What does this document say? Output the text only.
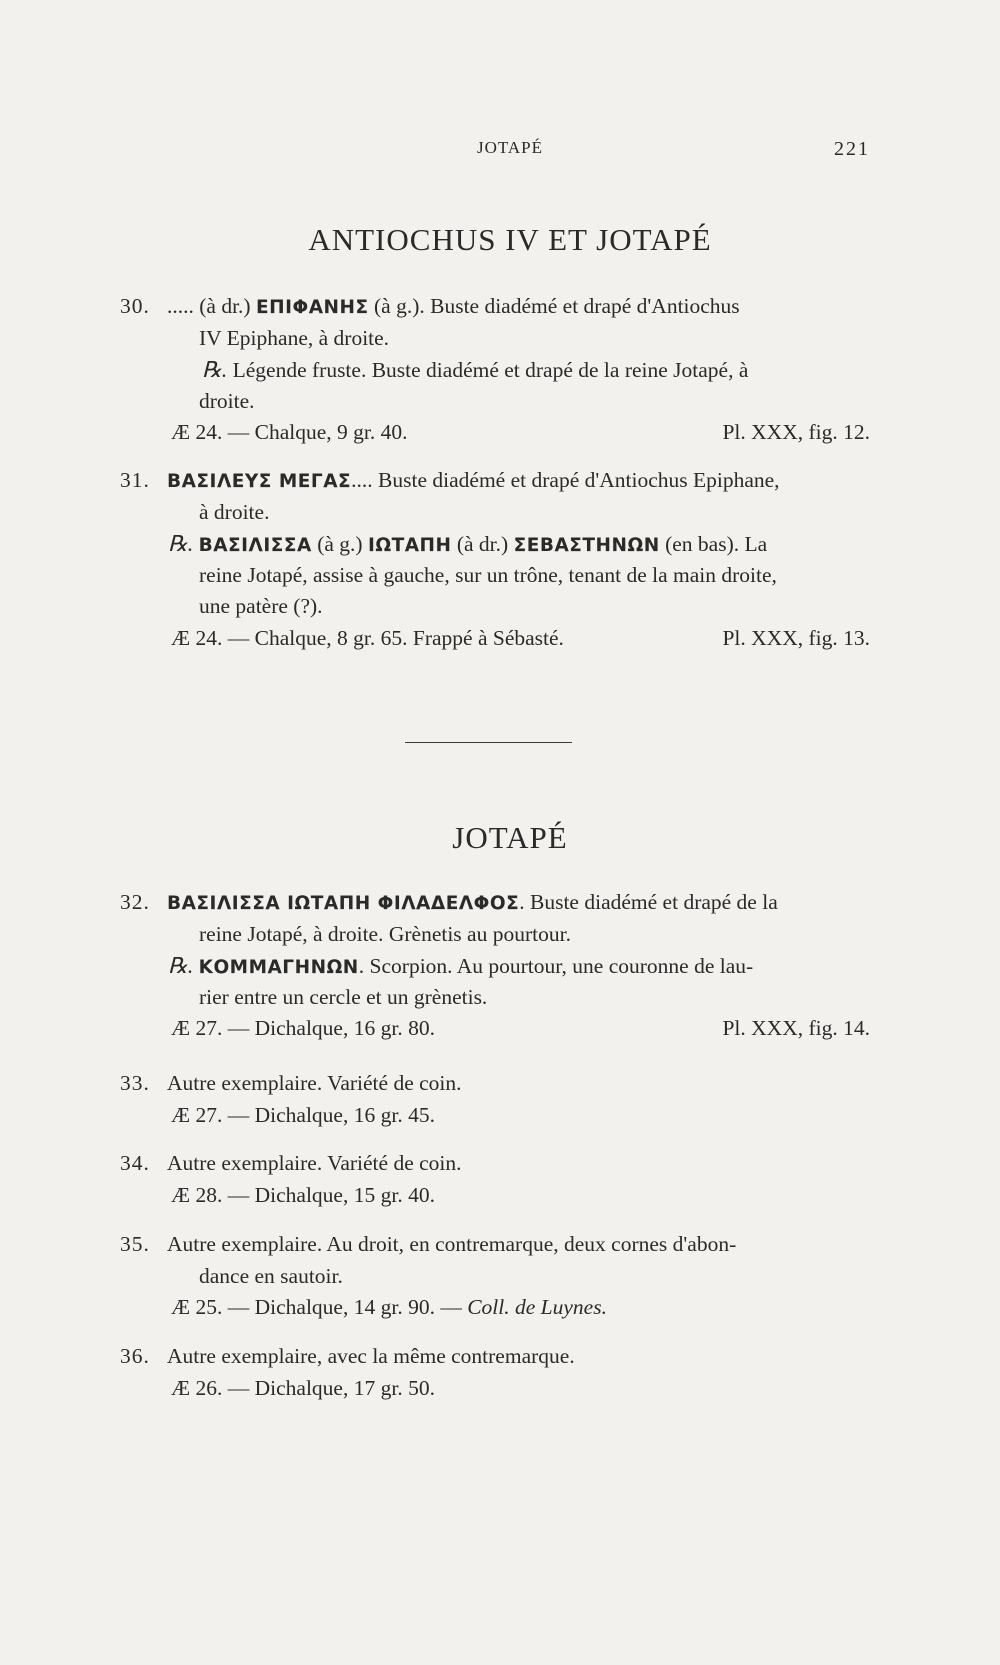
JOTAPÉ	221
ANTIOCHUS IV ET JOTAPÉ
30. ..... (à dr.) ΕΠΙΦΑΝΗΣ (à g.). Buste diadémé et drapé d'Antiochus
IV Epiphane, à droite.
℞. Légende fruste. Buste diadémé et drapé de la reine Jotapé, à
droite.
Æ 24. — Chalque, 9 gr. 40.	Pl. XXX, fig. 12.
31. ΒΑΣΙΛΕΥΣ ΜΕΓΑΣ.... Buste diadémé et drapé d'Antiochus Epiphane,
à droite.
℞. ΒΑΣΙΛΙΣΣΑ (à g.) ΙΩΤΑΠΗ (à dr.) ΣΕΒΑΣΤΗΝΩΝ (en bas). La
reine Jotapé, assise à gauche, sur un trône, tenant de la main droite,
une patère (?).
Æ 24. — Chalque, 8 gr. 65. Frappé à Sébasté.	Pl. XXX, fig. 13.
JOTAPÉ
32. ΒΑΣΙΛΙΣΣΑ ΙΩΤΑΠΗ ΦΙΛΑΔΕΛΦΟΣ. Buste diadémé et drapé de la
reine Jotapé, à droite. Grènetis au pourtour.
℞. ΚΟΜΜΑΓΗΝΩΝ. Scorpion. Au pourtour, une couronne de lau-
rier entre un cercle et un grènetis.
Æ 27. — Dichalque, 16 gr. 80.	Pl. XXX, fig. 14.
33. Autre exemplaire. Variété de coin.
Æ 27. — Dichalque, 16 gr. 45.
34. Autre exemplaire. Variété de coin.
Æ 28. — Dichalque, 15 gr. 40.
35. Autre exemplaire. Au droit, en contremarque, deux cornes d'abon-
dance en sautoir.
Æ 25. — Dichalque, 14 gr. 90. — Coll. de Luynes.
36. Autre exemplaire, avec la même contremarque.
Æ 26. — Dichalque, 17 gr. 50.
